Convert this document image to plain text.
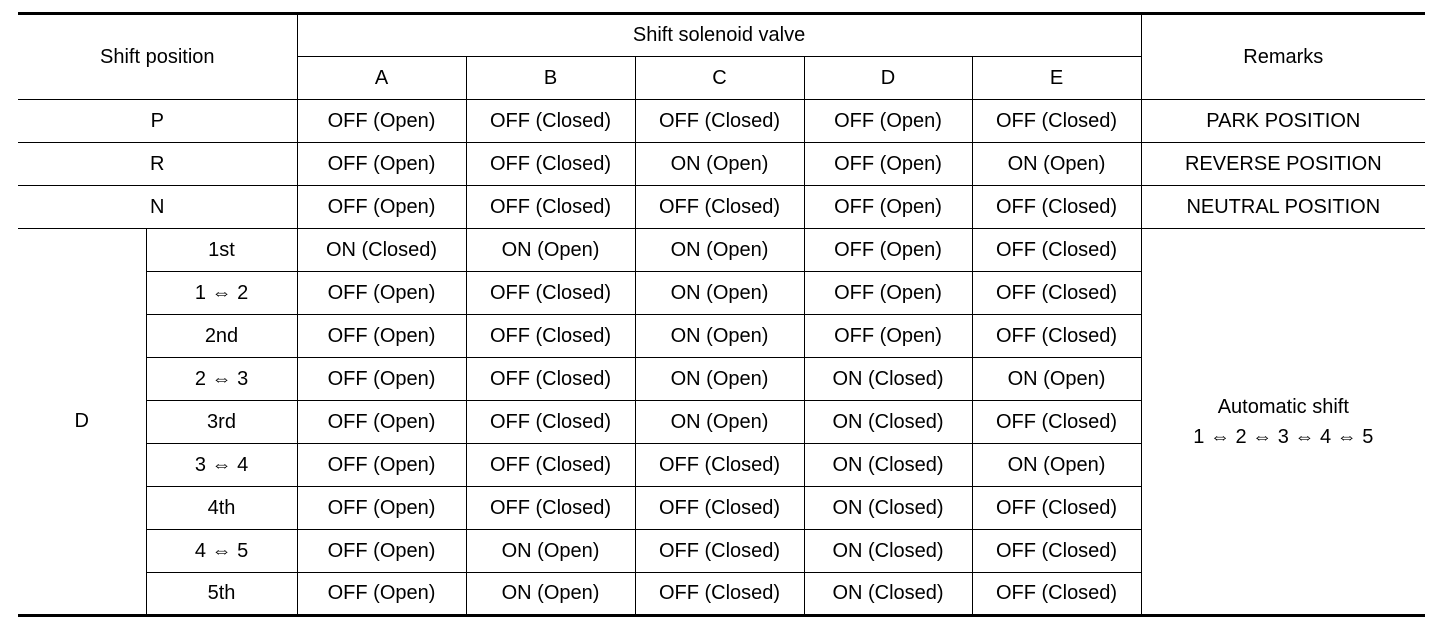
Shift position		Shift solenoid valve					Remarks
		A	B	C	D	E	
P		OFF (Open)	OFF (Closed)	OFF (Closed)	OFF (Open)	OFF (Closed)	PARK POSITION
R		OFF (Open)	OFF (Closed)	ON (Open)	OFF (Open)	ON (Open)	REVERSE POSITION
N		OFF (Open)	OFF (Closed)	OFF (Closed)	OFF (Open)	OFF (Closed)	NEUTRAL POSITION
D	1st	ON (Closed)	ON (Open)	ON (Open)	OFF (Open)	OFF (Closed)	Automatic shift
1 ⇔ 2 ⇔ 3 ⇔ 4 ⇔ 5

	1 ⇔ 2	OFF (Open)	OFF (Closed)	ON (Open)	OFF (Open)	OFF (Closed)	
	2nd	OFF (Open)	OFF (Closed)	ON (Open)	OFF (Open)	OFF (Closed)	
	2 ⇔ 3	OFF (Open)	OFF (Closed)	ON (Open)	ON (Closed)	ON (Open)	
	3rd	OFF (Open)	OFF (Closed)	ON (Open)	ON (Closed)	OFF (Closed)	
	3 ⇔ 4	OFF (Open)	OFF (Closed)	OFF (Closed)	ON (Closed)	ON (Open)	
	4th	OFF (Open)	OFF (Closed)	OFF (Closed)	ON (Closed)	OFF (Closed)	
	4 ⇔ 5	OFF (Open)	ON (Open)	OFF (Closed)	ON (Closed)	OFF (Closed)	
	5th	OFF (Open)	ON (Open)	OFF (Closed)	ON (Closed)	OFF (Closed)	
